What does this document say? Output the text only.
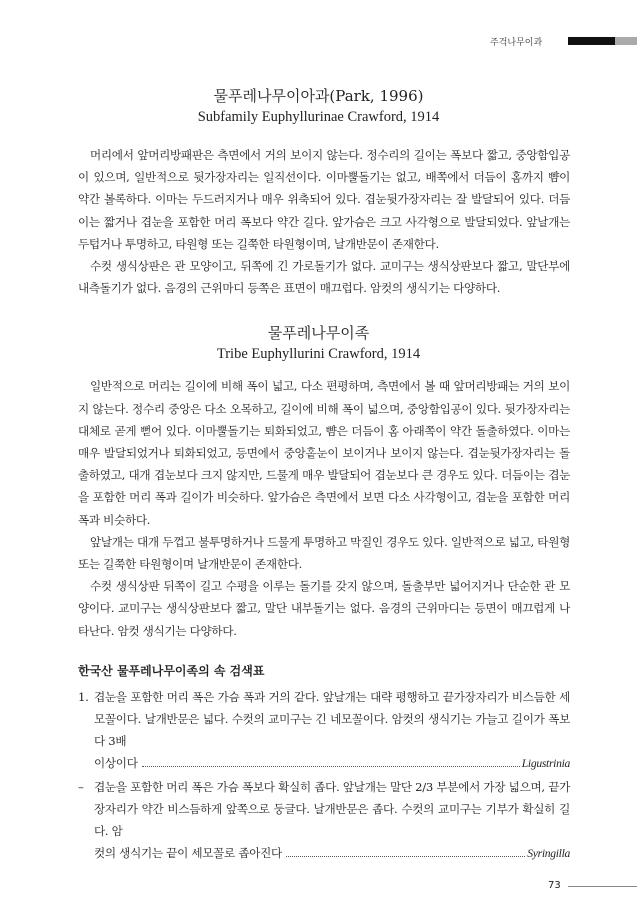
주걱나무이과
물푸레나무이아과(Park, 1996)
Subfamily Euphyllurinae Crawford, 1914

머리에서 앞머리방패판은 측면에서 거의 보이지 않는다. 정수리의 길이는 폭보다 짧고, 중앙함입공이 있으며, 일반적으로 뒷가장자리는 일직선이다. 이마뿔돌기는 없고, 배쪽에서 더듬이 홈까지 뺨이 약간 볼록하다. 이마는 두드러지거나 매우 위축되어 있다. 겹눈뒷가장자리는 잘 발달되어 있다. 더듬이는 짧거나 겹눈을 포함한 머리 폭보다 약간 길다. 앞가슴은 크고 사각형으로 발달되었다. 앞날개는 두텁거나 투명하고, 타원형 또는 길쭉한 타원형이며, 날개반문이 존재한다.

수컷 생식상판은 관 모양이고, 뒤쪽에 긴 가로돌기가 없다. 교미구는 생식상판보다 짧고, 말단부에 내측돌기가 없다. 음경의 근위마디 등쪽은 표면이 매끄럽다. 암컷의 생식기는 다양하다.

물푸레나무이족
Tribe Euphyllurini Crawford, 1914

일반적으로 머리는 길이에 비해 폭이 넓고, 다소 편평하며, 측면에서 볼 때 앞머리방패는 거의 보이지 않는다. 정수리 중앙은 다소 오목하고, 길이에 비해 폭이 넓으며, 중앙함입공이 있다. 뒷가장자리는 대체로 곧게 뻗어 있다. 이마뿔돌기는 퇴화되었고, 뺨은 더듬이 홈 아래쪽이 약간 돌출하였다. 이마는 매우 발달되었거나 퇴화되었고, 등면에서 중앙홑눈이 보이거나 보이지 않는다. 겹눈뒷가장자리는 돌출하였고, 대개 겹눈보다 크지 않지만, 드물게 매우 발달되어 겹눈보다 큰 경우도 있다. 더듬이는 겹눈을 포함한 머리 폭과 길이가 비슷하다. 앞가슴은 측면에서 보면 다소 사각형이고, 겹눈을 포함한 머리 폭과 비슷하다.

앞날개는 대개 두껍고 불투명하거나 드물게 투명하고 막질인 경우도 있다. 일반적으로 넓고, 타원형 또는 길쭉한 타원형이며 날개반문이 존재한다.

수컷 생식상판 뒤쪽이 길고 수평을 이루는 돌기를 갖지 않으며, 돌출부만 넓어지거나 단순한 관 모양이다. 교미구는 생식상판보다 짧고, 말단 내부돌기는 없다. 음경의 근위마디는 등면이 매끄럽게 나타난다. 암컷 생식기는 다양하다.

한국산 물푸레나무이족의 속 검색표
1. 겹눈을 포함한 머리 폭은 가슴 폭과 거의 같다. 앞날개는 대략 평행하고 끝가장자리가 비스듬한 세모꼴이다. 날개반문은 넓다. 수컷의 교미구는 긴 네모꼴이다. 암컷의 생식기는 가늘고 길이가 폭보다 3배
이상이다	Ligustrinia
– 겹눈을 포함한 머리 폭은 가슴 폭보다 확실히 좁다. 앞날개는 말단 2/3 부분에서 가장 넓으며, 끝가장자리가 약간 비스듬하게 앞쪽으로 둥글다. 날개반문은 좁다. 수컷의 교미구는 기부가 확실히 길다. 암
컷의 생식기는 끝이 세모꼴로 좁아진다	Syringilla
73
